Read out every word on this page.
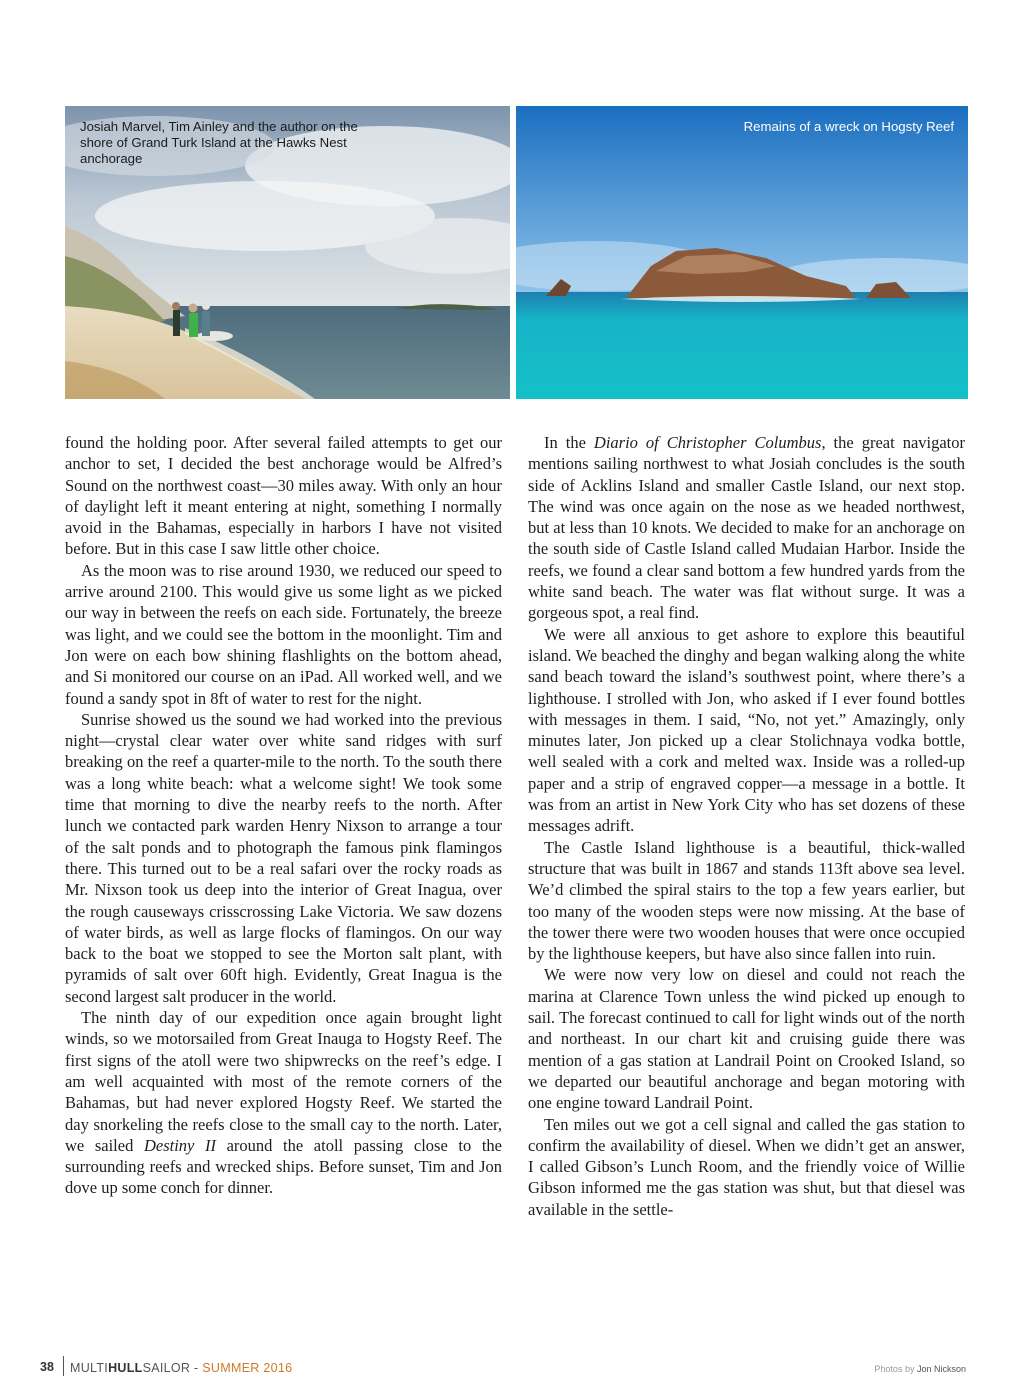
Josiah Marvel, Tim Ainley and the author on the shore of Grand Turk Island at the Hawks Nest anchorage
Remains of a wreck on Hogsty Reef

found the holding poor. After several failed attempts to get our anchor to set, I decided the best anchorage would be Alfred’s Sound on the northwest coast—30 miles away. With only an hour of daylight left it meant entering at night, something I normally avoid in the Bahamas, especially in harbors I have not visited before. But in this case I saw little other choice.

As the moon was to rise around 1930, we reduced our speed to arrive around 2100. This would give us some light as we picked our way in between the reefs on each side. Fortunately, the breeze was light, and we could see the bottom in the moonlight. Tim and Jon were on each bow shining flashlights on the bottom ahead, and Si monitored our course on an iPad. All worked well, and we found a sandy spot in 8ft of water to rest for the night.

Sunrise showed us the sound we had worked into the previous night—crystal clear water over white sand ridges with surf breaking on the reef a quarter-mile to the north. To the south there was a long white beach: what a welcome sight! We took some time that morning to dive the nearby reefs to the north. After lunch we contacted park warden Henry Nixson to arrange a tour of the salt ponds and to photograph the famous pink flamingos there. This turned out to be a real safari over the rocky roads as Mr. Nixson took us deep into the interior of Great Inagua, over the rough causeways crisscrossing Lake Victoria. We saw dozens of water birds, as well as large flocks of flamingos. On our way back to the boat we stopped to see the Morton salt plant, with pyramids of salt over 60ft high. Evidently, Great Inagua is the second largest salt producer in the world.

The ninth day of our expedition once again brought light winds, so we motorsailed from Great Inauga to Hogsty Reef. The first signs of the atoll were two shipwrecks on the reef’s edge. I am well acquainted with most of the remote corners of the Bahamas, but had never explored Hogsty Reef. We started the day snorkeling the reefs close to the small cay to the north. Later, we sailed Destiny II around the atoll passing close to the surrounding reefs and wrecked ships. Before sunset, Tim and Jon dove up some conch for dinner.

In the Diario of Christopher Columbus, the great navigator mentions sailing northwest to what Josiah concludes is the south side of Acklins Island and smaller Castle Island, our next stop. The wind was once again on the nose as we headed northwest, but at less than 10 knots. We decided to make for an anchorage on the south side of Castle Island called Mudaian Harbor. Inside the reefs, we found a clear sand bottom a few hundred yards from the white sand beach. The water was flat without surge. It was a gorgeous spot, a real find.

We were all anxious to get ashore to explore this beautiful island. We beached the dinghy and began walking along the white sand beach toward the island’s southwest point, where there’s a lighthouse. I strolled with Jon, who asked if I ever found bottles with messages in them. I said, “No, not yet.” Amazingly, only minutes later, Jon picked up a clear Stolichnaya vodka bottle, well sealed with a cork and melted wax. Inside was a rolled-up paper and a strip of engraved copper—a message in a bottle. It was from an artist in New York City who has set dozens of these messages adrift.

The Castle Island lighthouse is a beautiful, thick-walled structure that was built in 1867 and stands 113ft above sea level. We’d climbed the spiral stairs to the top a few years earlier, but too many of the wooden steps were now missing. At the base of the tower there were two wooden houses that were once occupied by the lighthouse keepers, but have also since fallen into ruin.

We were now very low on diesel and could not reach the marina at Clarence Town unless the wind picked up enough to sail. The forecast continued to call for light winds out of the north and northeast. In our chart kit and cruising guide there was mention of a gas station at Landrail Point on Crooked Island, so we departed our beautiful anchorage and began motoring with one engine toward Landrail Point.

Ten miles out we got a cell signal and called the gas station to confirm the availability of diesel. When we didn’t get an answer, I called Gibson’s Lunch Room, and the friendly voice of Willie Gibson informed me the gas station was shut, but that diesel was available in the settle-

38 MULTIHULLSAILOR - SUMMER 2016	Photos by Jon Nickson
